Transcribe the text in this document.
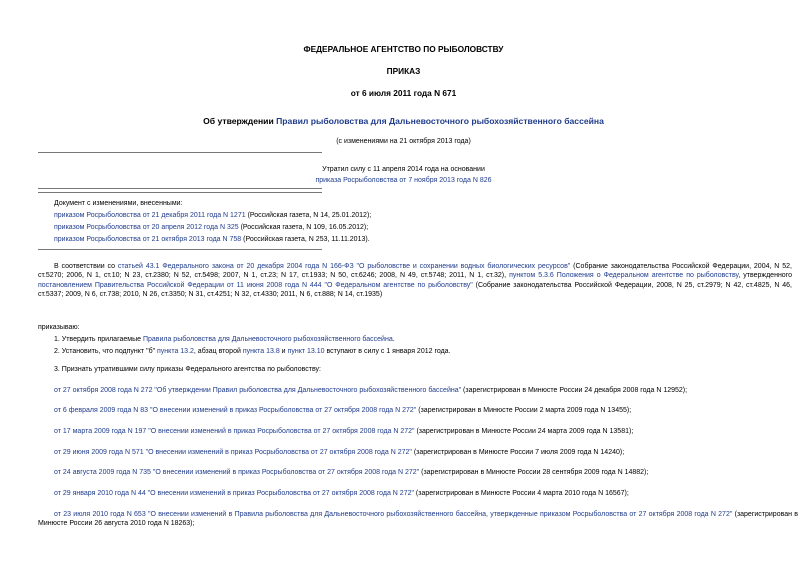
ФЕДЕРАЛЬНОЕ АГЕНТСТВО ПО РЫБОЛОВСТВУ
ПРИКАЗ
от 6 июля 2011 года N 671
Об утверждении Правил рыболовства для Дальневосточного рыбохозяйственного бассейна
(с изменениями на 21 октября 2013 года)
Утратил силу с 11 апреля 2014 года на основании
приказа Росрыболовства от 7 ноября 2013 года N 826
Документ с изменениями, внесенными:
приказом Росрыболовства от 21 декабря 2011 года N 1271 (Российская газета, N 14, 25.01.2012);
приказом Росрыболовства от 20 апреля 2012 года N 325 (Российская газета, N 109, 16.05.2012);
приказом Росрыболовства от 21 октября 2013 года N 758 (Российская газета, N 253, 11.11.2013).
В соответствии со статьей 43.1 Федерального закона от 20 декабря 2004 года N 166-ФЗ "О рыболовстве и сохранении водных биологических ресурсов" (Собрание законодательства Российской Федерации, 2004, N 52, ст.5270; 2006, N 1, ст.10; N 23, ст.2380; N 52, ст.5498; 2007, N 1, ст.23; N 17, ст.1933; N 50, ст.6246; 2008, N 49, ст.5748; 2011, N 1, ст.32), пунктом 5.3.6 Положения о Федеральном агентстве по рыболовству, утвержденного постановлением Правительства Российской Федерации от 11 июня 2008 года N 444 "О Федеральном агентстве по рыболовству" (Собрание законодательства Российской Федерации, 2008, N 25, ст.2979; N 42, ст.4825, N 46, ст.5337; 2009, N 6, ст.738; 2010, N 26, ст.3350; N 31, ст.4251; N 32, ст.4330; 2011, N 6, ст.888; N 14, ст.1935)
приказываю:
1. Утвердить прилагаемые Правила рыболовства для Дальневосточного рыбохозяйственного бассейна.
2. Установить, что подпункт "б" пункта 13.2, абзац второй пункта 13.8 и пункт 13.10 вступают в силу с 1 января 2012 года.
3. Признать утратившими силу приказы Федерального агентства по рыболовству:
от 27 октября 2008 года N 272 "Об утверждении Правил рыболовства для Дальневосточного рыбохозяйственного бассейна" (зарегистрирован в Минюсте России 24 декабря 2008 года N 12952);
от 6 февраля 2009 года N 83 "О внесении изменений в приказ Росрыболовства от 27 октября 2008 года N 272" (зарегистрирован в Минюсте России 2 марта 2009 года N 13455);
от 17 марта 2009 года N 197 "О внесении изменений в приказ Росрыболовства от 27 октября 2008 года N 272" (зарегистрирован в Минюсте России 24 марта 2009 года N 13581);
от 29 июня 2009 года N 571 "О внесении изменений в приказ Росрыболовства от 27 октября 2008 года N 272" (зарегистрирован в Минюсте России 7 июля 2009 года N 14240);
от 24 августа 2009 года N 735 "О внесении изменений в приказ Росрыболовства от 27 октября 2008 года N 272" (зарегистрирован в Минюсте России 28 сентября 2009 года N 14882);
от 29 января 2010 года N 44 "О внесении изменений в приказ Росрыболовства от 27 октября 2008 года N 272" (зарегистрирован в Минюсте России 4 марта 2010 года N 16567);
от 23 июля 2010 года N 653 "О внесении изменений в Правила рыболовства для Дальневосточного рыбохозяйственного бассейна, утвержденные приказом Росрыболовства от 27 октября 2008 года N 272" (зарегистрирован в Минюсте России 26 августа 2010 года N 18263);
